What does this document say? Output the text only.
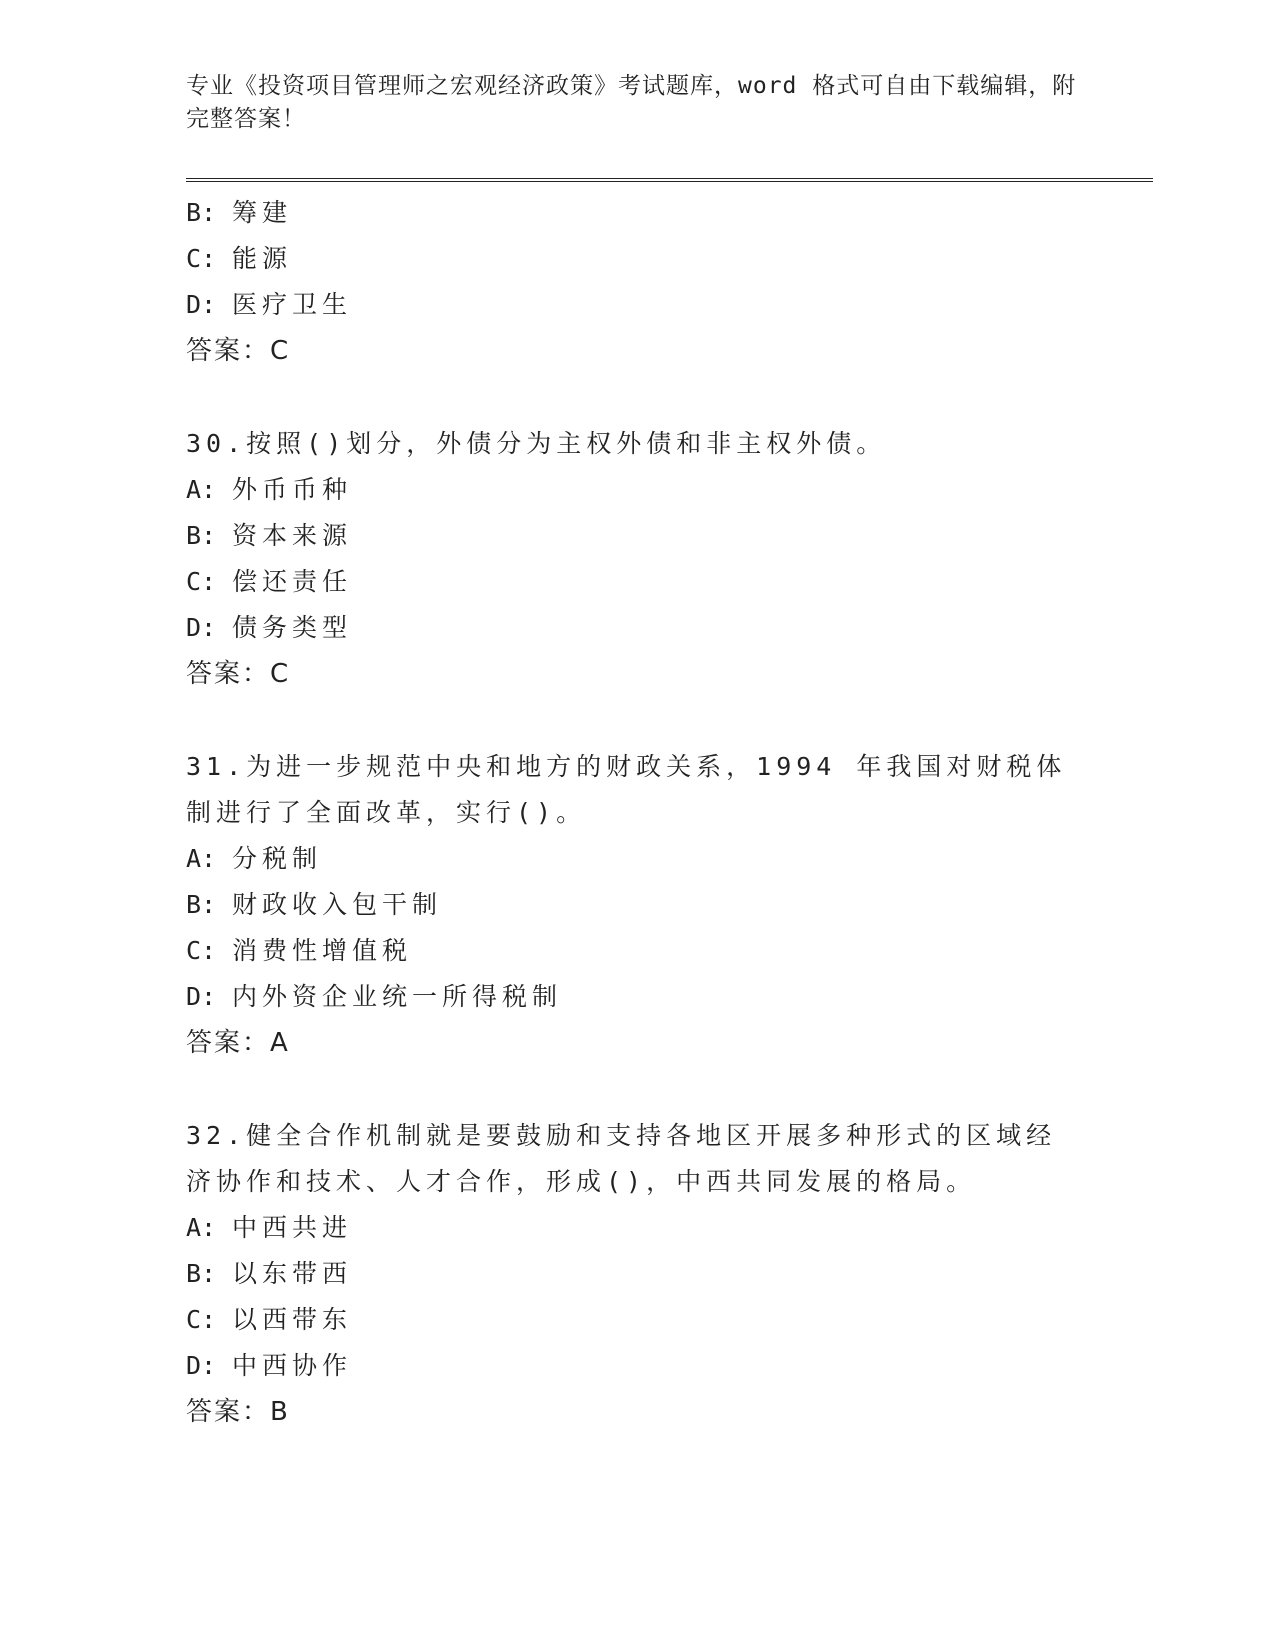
专业《投资项目管理师之宏观经济政策》考试题库，word 格式可自由下载编辑，附完整答案！
B: 筹建
C: 能源
D: 医疗卫生
答案：C
30.按照()划分，外债分为主权外债和非主权外债。
A: 外币币种
B: 资本来源
C: 偿还责任
D: 债务类型
答案：C
31.为进一步规范中央和地方的财政关系，1994 年我国对财税体制进行了全面改革，实行()。
A: 分税制
B: 财政收入包干制
C: 消费性增值税
D: 内外资企业统一所得税制
答案：A
32.健全合作机制就是要鼓励和支持各地区开展多种形式的区域经济协作和技术、人才合作，形成()，中西共同发展的格局。
A: 中西共进
B: 以东带西
C: 以西带东
D: 中西协作
答案：B
